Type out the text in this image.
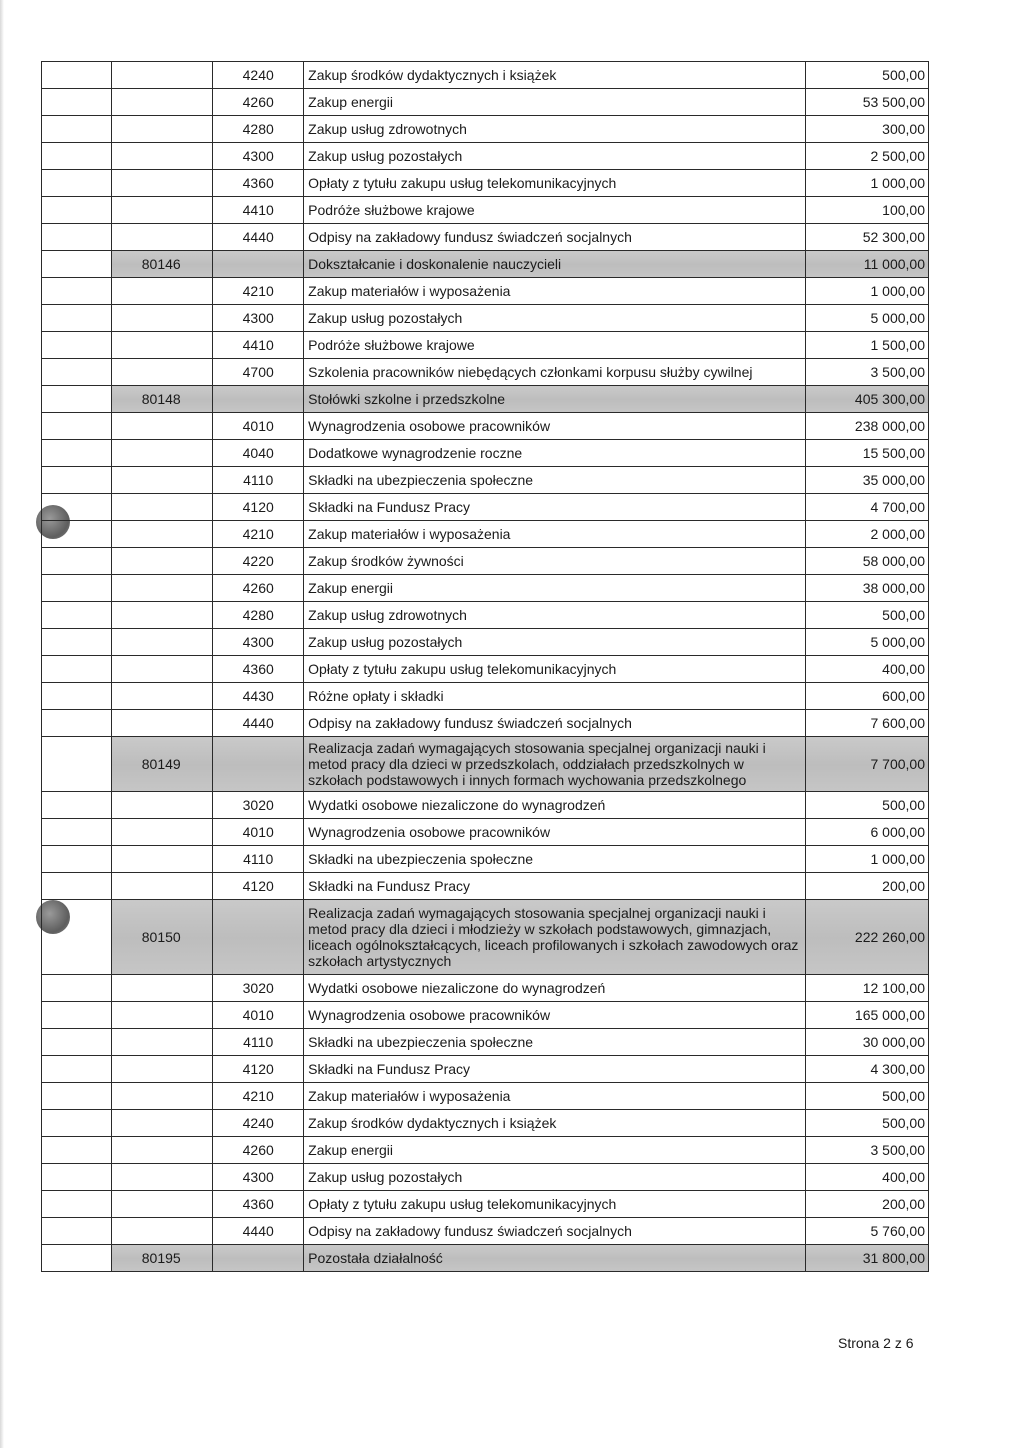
		4240	Zakup środków dydaktycznych i książek	500,00
		4260	Zakup energii	53 500,00
		4280	Zakup usług zdrowotnych	300,00
		4300	Zakup usług pozostałych	2 500,00
		4360	Opłaty z tytułu zakupu usług telekomunikacyjnych	1 000,00
		4410	Podróże służbowe krajowe	100,00
		4440	Odpisy na zakładowy fundusz świadczeń socjalnych	52 300,00
	80146		Dokształcanie i doskonalenie nauczycieli	11 000,00
		4210	Zakup materiałów i wyposażenia	1 000,00
		4300	Zakup usług pozostałych	5 000,00
		4410	Podróże służbowe krajowe	1 500,00
		4700	Szkolenia pracowników niebędących członkami korpusu służby cywilnej	3 500,00
	80148		Stołówki szkolne i przedszkolne	405 300,00
		4010	Wynagrodzenia osobowe pracowników	238 000,00
		4040	Dodatkowe wynagrodzenie roczne	15 500,00
		4110	Składki na ubezpieczenia społeczne	35 000,00
		4120	Składki na Fundusz Pracy	4 700,00
		4210	Zakup materiałów i wyposażenia	2 000,00
		4220	Zakup środków żywności	58 000,00
		4260	Zakup energii	38 000,00
		4280	Zakup usług zdrowotnych	500,00
		4300	Zakup usług pozostałych	5 000,00
		4360	Opłaty z tytułu zakupu usług telekomunikacyjnych	400,00
		4430	Różne opłaty i składki	600,00
		4440	Odpisy na zakładowy fundusz świadczeń socjalnych	7 600,00
	80149		Realizacja zadań wymagających stosowania specjalnej organizacji nauki i metod pracy dla dzieci w przedszkolach, oddziałach przedszkolnych w szkołach podstawowych i innych formach wychowania przedszkolnego	7 700,00
		3020	Wydatki osobowe niezaliczone do wynagrodzeń	500,00
		4010	Wynagrodzenia osobowe pracowników	6 000,00
		4110	Składki na ubezpieczenia społeczne	1 000,00
		4120	Składki na Fundusz Pracy	200,00
	80150		Realizacja zadań wymagających stosowania specjalnej organizacji nauki i metod pracy dla dzieci i młodzieży w szkołach podstawowych, gimnazjach, liceach ogólnokształcących, liceach profilowanych i szkołach zawodowych oraz szkołach artystycznych	222 260,00
		3020	Wydatki osobowe niezaliczone do wynagrodzeń	12 100,00
		4010	Wynagrodzenia osobowe pracowników	165 000,00
		4110	Składki na ubezpieczenia społeczne	30 000,00
		4120	Składki na Fundusz Pracy	4 300,00
		4210	Zakup materiałów i wyposażenia	500,00
		4240	Zakup środków dydaktycznych i książek	500,00
		4260	Zakup energii	3 500,00
		4300	Zakup usług pozostałych	400,00
		4360	Opłaty z tytułu zakupu usług telekomunikacyjnych	200,00
		4440	Odpisy na zakładowy fundusz świadczeń socjalnych	5 760,00
	80195		Pozostała działalność	31 800,00
Strona 2 z 6
